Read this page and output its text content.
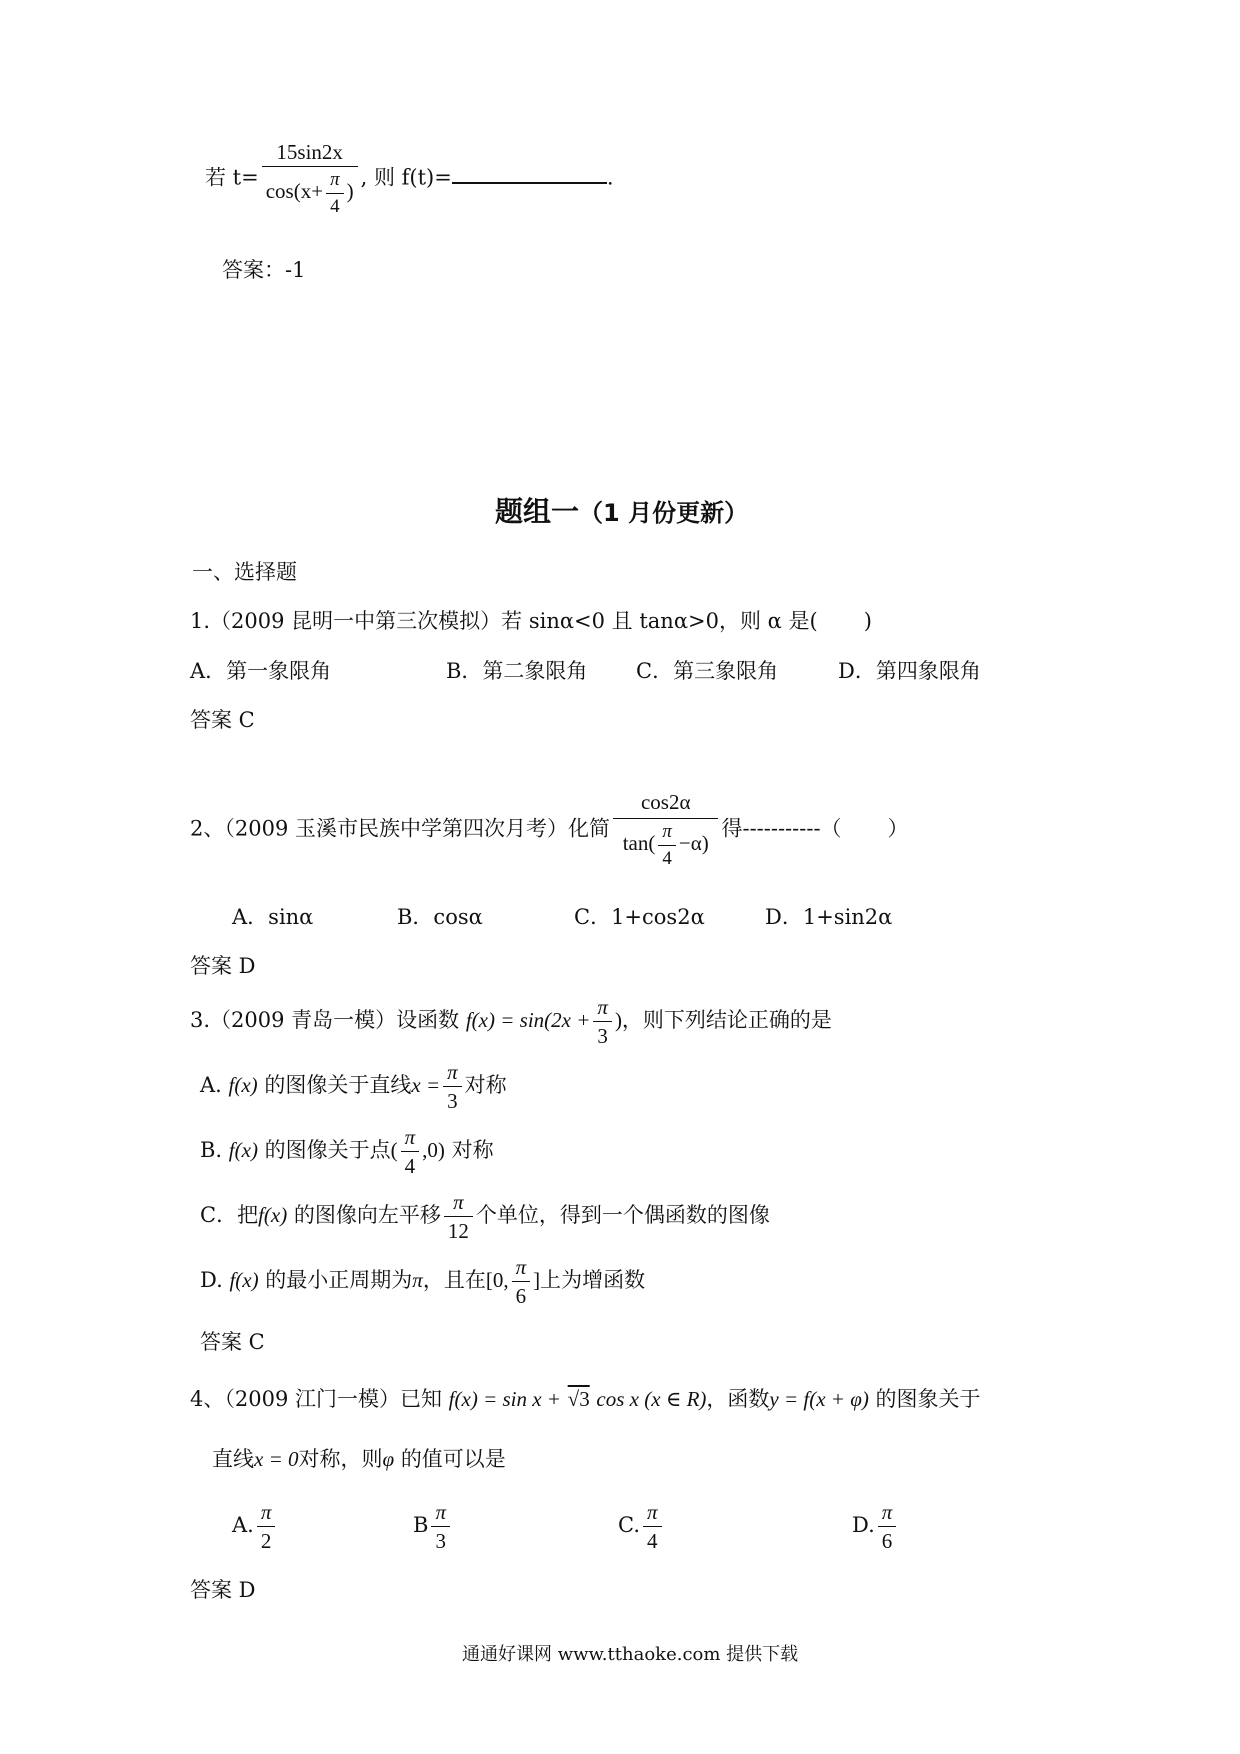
若 $t= \frac{15\sin 2x}{\cos(x+ \frac{\pi}{4} )}$ , 则 f(t)=	.
答案：-1
题组一（1 月份更新）
一、选择题
1.（2009 昆明一中第三次模拟）若 sinα<0 且 tanα>0，则 α 是( )
A．第一象限角	B．第二象限角 C．第三象限角	D．第四象限角
答案 C
2、（2009 玉溪市民族中学第四次月考）化简 $\frac{\cos 2\alpha}{\tan( \frac{\pi}{4} -\alpha)}$ 得-----------（ ）
A．sinα	B．cosα	C．1+cos2α	D．1+sin2α
答案 D
3.（2009 青岛一模）设函数 $f(x) = \sin(2x + \frac{\pi}{3}$ )，则下列结论正确的是
A. f(x) 的图像关于直线$x = \frac{\pi}{3}$ 对称
B. f(x) 的图像关于点( $\frac{\pi}{4} ,0$) 对称
C．把f(x) 的图像向左平移 $\frac{\pi}{12}$ 个单位，得到一个偶函数的图像
D. f(x) 的最小正周期为π，且在[0, $\frac{\pi}{6}$ ]上为增函数
答案 C
4、（2009 江门一模）已知 f(x) = sin x + √3 cos x (x ∈ R)，函数y = f(x + φ) 的图象关于
直线x = 0对称，则φ 的值可以是
A. $\frac{\pi}{2}$	B $\frac{\pi}{3}$	C. $\frac{\pi}{4}$	D. $\frac{\pi}{6}$
答案 D
通通好课网 www.tthaoke.com 提供下载
